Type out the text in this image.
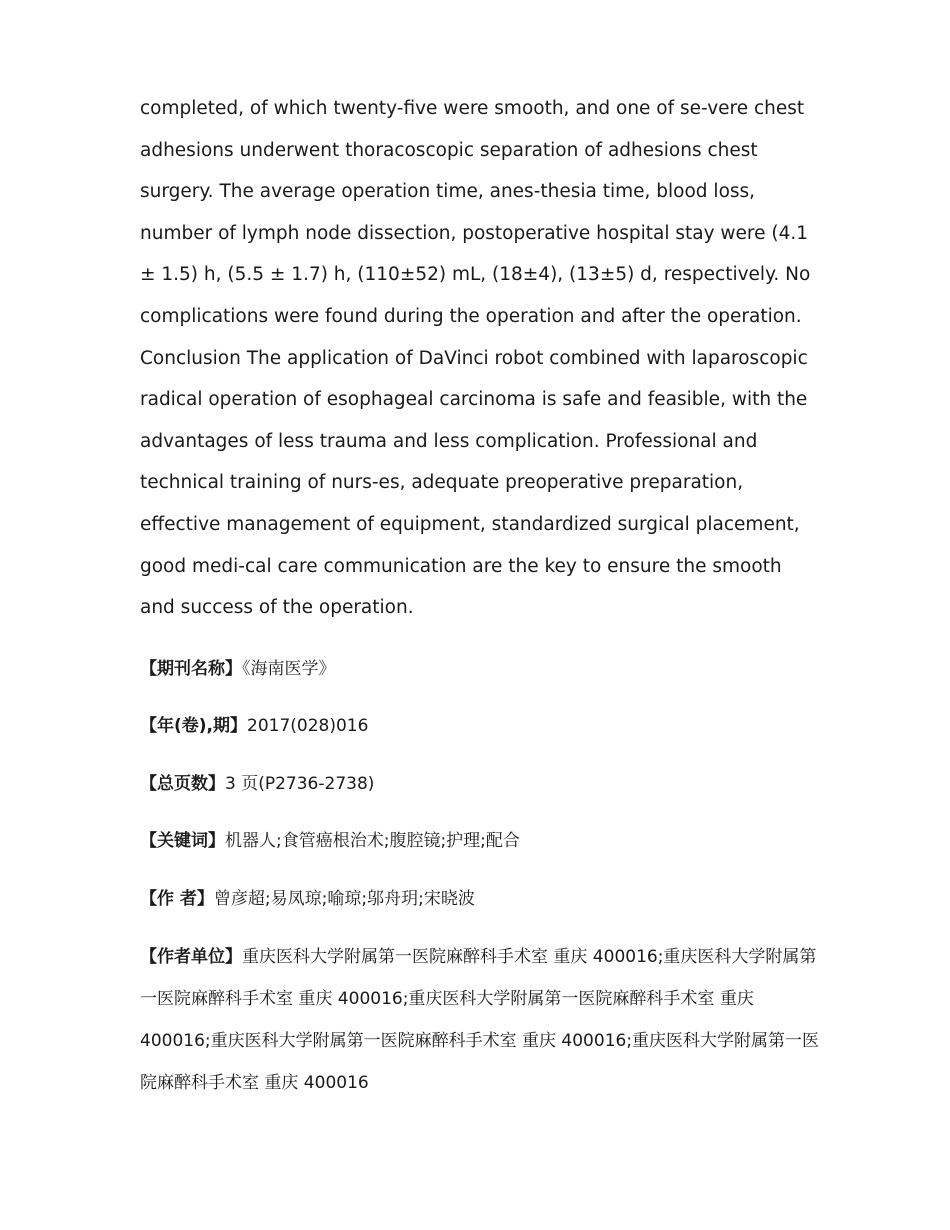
completed, of which twenty-five were smooth, and one of se-vere chest adhesions underwent thoracoscopic separation of adhesions chest surgery. The average operation time, anes-thesia time, blood loss, number of lymph node dissection, postoperative hospital stay were (4.1 ± 1.5) h, (5.5 ± 1.7) h, (110±52) mL, (18±4), (13±5) d, respectively. No complications were found during the operation and after the operation. Conclusion The application of DaVinci robot combined with laparoscopic radical operation of esophageal carcinoma is safe and feasible, with the advantages of less trauma and less complication. Professional and technical training of nurs-es, adequate preoperative preparation, effective management of equipment, standardized surgical placement, good medi-cal care communication are the key to ensure the smooth and success of the operation.

【期刊名称】《海南医学》
【年(卷),期】2017(028)016
【总页数】3 页(P2736-2738)
【关键词】机器人;食管癌根治术;腹腔镜;护理;配合
【作 者】曾彦超;易凤琼;喻琼;邬舟玥;宋晓波
【作者单位】重庆医科大学附属第一医院麻醉科手术室 重庆 400016;重庆医科大学附属第一医院麻醉科手术室 重庆 400016;重庆医科大学附属第一医院麻醉科手术室 重庆 400016;重庆医科大学附属第一医院麻醉科手术室 重庆 400016;重庆医科大学附属第一医院麻醉科手术室 重庆 400016
